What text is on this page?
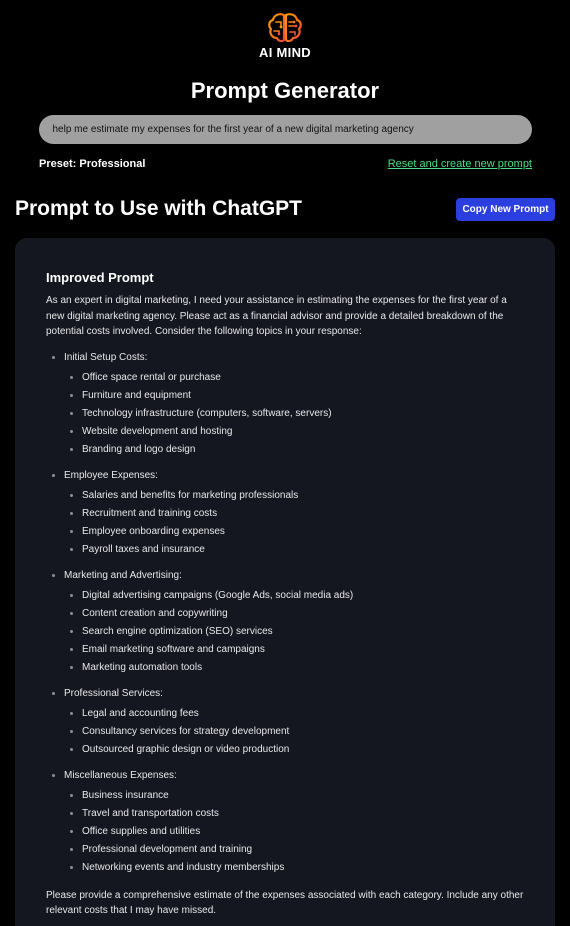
AI MIND
Prompt Generator
help me estimate my expenses for the first year of a new digital marketing agency
Preset: Professional	Reset and create new prompt
Prompt to Use with ChatGPT	Copy New Prompt
Improved Prompt

As an expert in digital marketing, I need your assistance in estimating the expenses for the first year of a new digital marketing agency. Please act as a financial advisor and provide a detailed breakdown of the potential costs involved. Consider the following topics in your response:

Initial Setup Costs:
Office space rental or purchase
Furniture and equipment
Technology infrastructure (computers, software, servers)
Website development and hosting
Branding and logo design
Employee Expenses:
Salaries and benefits for marketing professionals
Recruitment and training costs
Employee onboarding expenses
Payroll taxes and insurance
Marketing and Advertising:
Digital advertising campaigns (Google Ads, social media ads)
Content creation and copywriting
Search engine optimization (SEO) services
Email marketing software and campaigns
Marketing automation tools
Professional Services:
Legal and accounting fees
Consultancy services for strategy development
Outsourced graphic design or video production
Miscellaneous Expenses:
Business insurance
Travel and transportation costs
Office supplies and utilities
Professional development and training
Networking events and industry memberships

Please provide a comprehensive estimate of the expenses associated with each category. Include any other relevant costs that I may have missed.
